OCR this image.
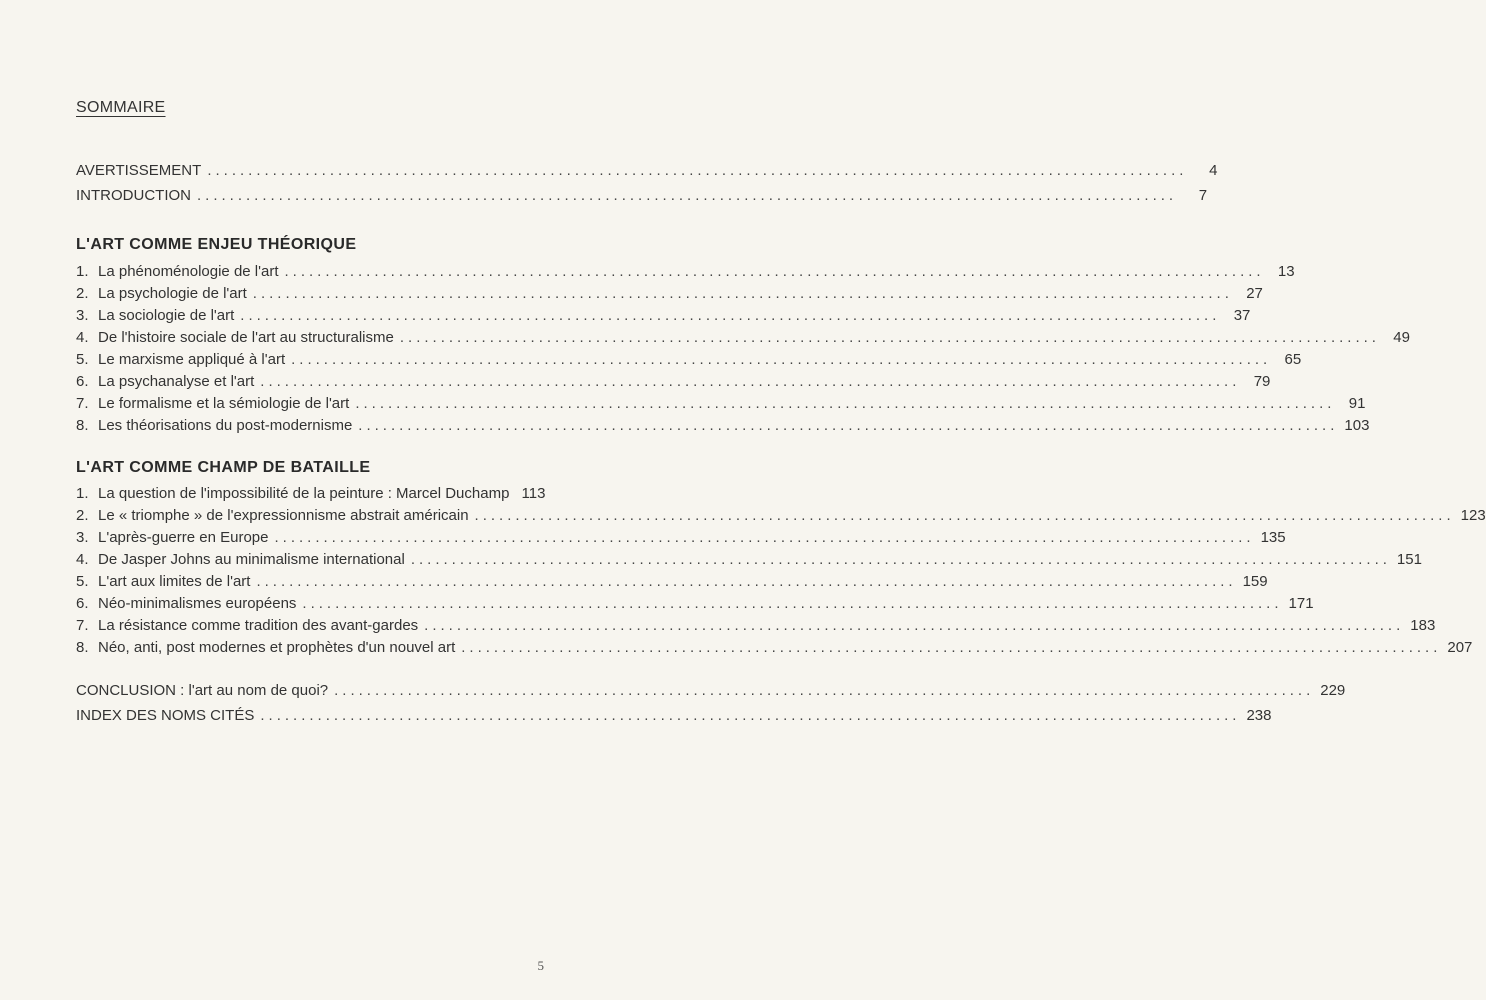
SOMMAIRE
AVERTISSEMENT ........................................................................................................................	4
INTRODUCTION ........................................................................................................................	7
L'ART COMME ENJEU THÉORIQUE
1. La phénoménologie de l'art ........................................................................................................................ 13
2. La psychologie de l'art ........................................................................................................................ 27
3. La sociologie de l'art ........................................................................................................................ 37
4. De l'histoire sociale de l'art au structuralisme ........................................................................................................................ 49
5. Le marxisme appliqué à l'art ........................................................................................................................ 65
6. La psychanalyse et l'art ........................................................................................................................ 79
7. Le formalisme et la sémiologie de l'art ........................................................................................................................ 91
8. Les théorisations du post-modernisme ........................................................................................................................ 103
L'ART COMME CHAMP DE BATAILLE
1. La question de l'impossibilité de la peinture : Marcel Duchamp 113
2. Le « triomphe » de l'expressionnisme abstrait américain ........................................................................................................................ 123
3. L'après-guerre en Europe ........................................................................................................................ 135
4. De Jasper Johns au minimalisme international ........................................................................................................................ 151
5. L'art aux limites de l'art ........................................................................................................................ 159
6. Néo-minimalismes européens ........................................................................................................................ 171
7. La résistance comme tradition des avant-gardes ........................................................................................................................ 183
8. Néo, anti, post modernes et prophètes d'un nouvel art ........................................................................................................................ 207
CONCLUSION : l'art au nom de quoi? ........................................................................................................................ 229
INDEX DES NOMS CITÉS ........................................................................................................................ 238
5
